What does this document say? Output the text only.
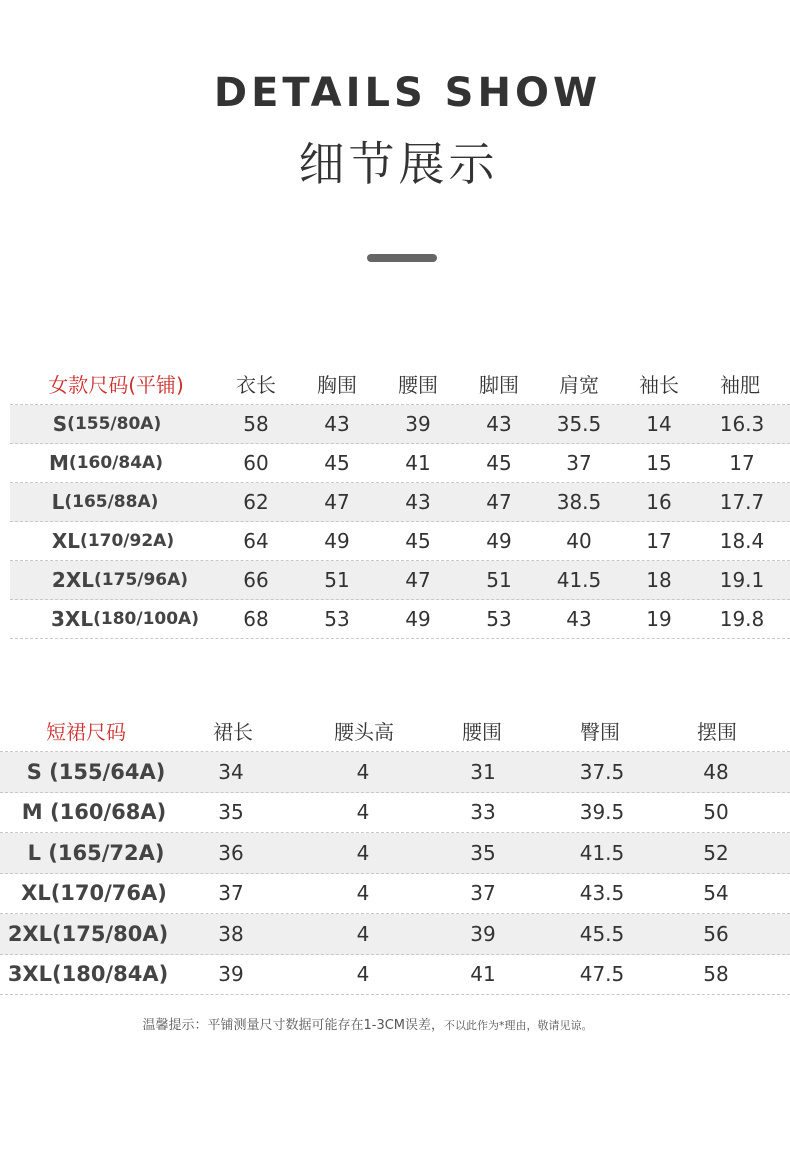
DETAILS SHOW
细节展示
女款尺码(平铺)	衣长 胸围 腰围 脚围 肩宽 袖长 袖肥
S (155/80A)	58	43	39	43 35.5 14 16.3
M (160/84A)	60	45	41	45	37	15	17
L (165/88A)	62	47	43	47 38.5 16 17.7
XL (170/92A)	64	49	45	49	40	17 18.4
2XL (175/96A)	66	51	47	51 41.5 18 19.1
3XL (180/100A) 68	53	49	53	43	19 19.8
短裙尺码	裙长	腰头高	腰围	臀围	摆围
S (155/64A)	34	4	31	37.5	48
M (160/68A)	35	4	33	39.5	50
L (165/72A)	36	4	35	41.5	52
XL(170/76A)	37	4	37	43.5	54
2XL(175/80A)	38	4	39	45.5	56
3XL(180/84A)	39	4	41	47.5	58
温馨提示：平铺测量尺寸数据可能存在1-3CM误差，不以此作为*理由，敬请见谅。
